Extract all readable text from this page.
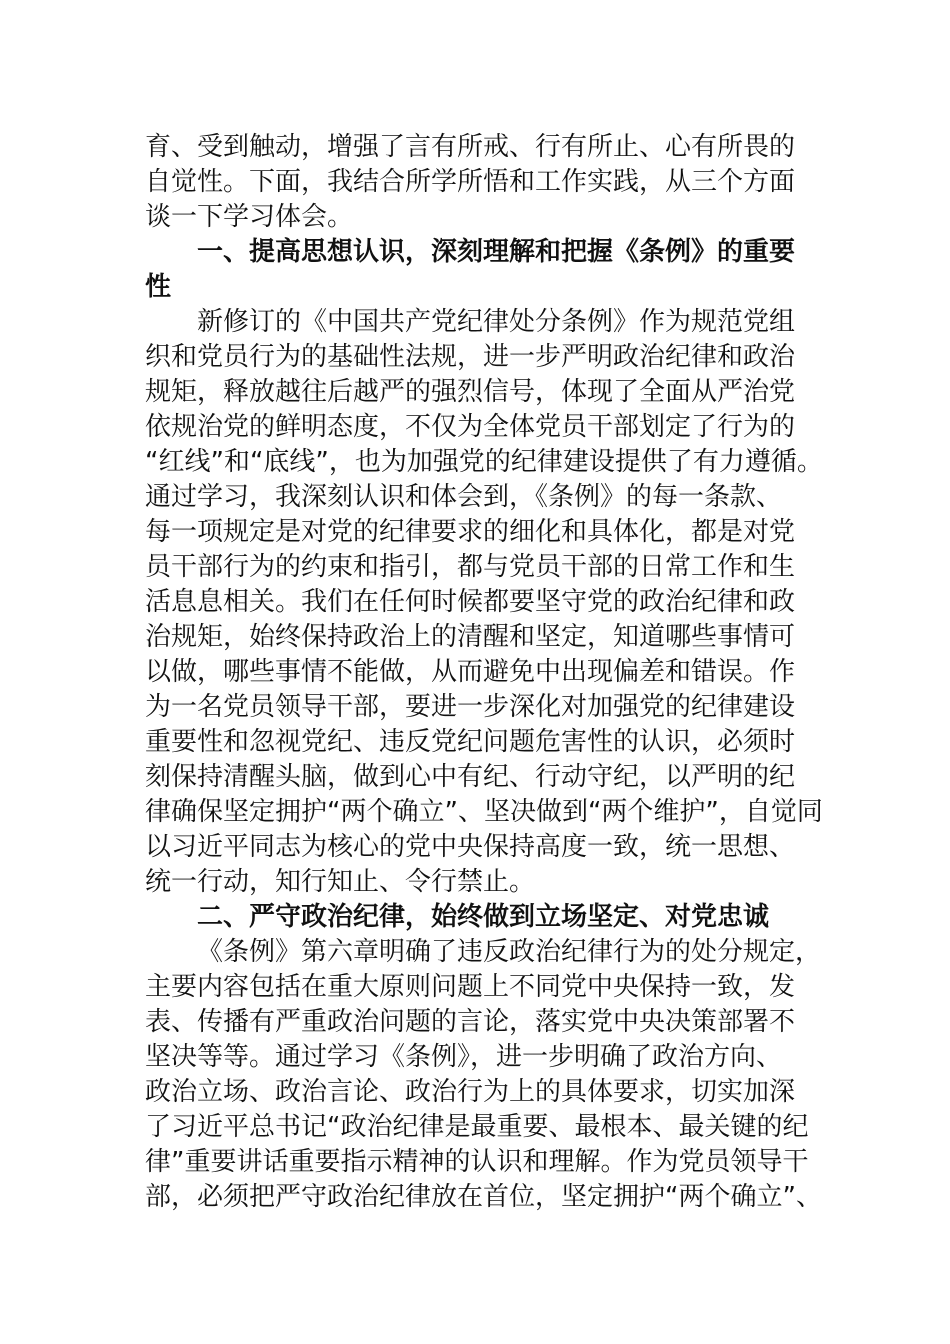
育、受到触动，增强了言有所戒、行有所止、心有所畏的
自觉性。下面，我结合所学所悟和工作实践，从三个方面
谈一下学习体会。
一、提高思想认识，深刻理解和把握《条例》的重要
性
新修订的《中国共产党纪律处分条例》作为规范党组
织和党员行为的基础性法规，进一步严明政治纪律和政治
规矩，释放越往后越严的强烈信号，体现了全面从严治党
依规治党的鲜明态度，不仅为全体党员干部划定了行为的
“红线”和“底线”，也为加强党的纪律建设提供了有力遵循。
通过学习，我深刻认识和体会到，《条例》的每一条款、
每一项规定是对党的纪律要求的细化和具体化，都是对党
员干部行为的约束和指引，都与党员干部的日常工作和生
活息息相关。我们在任何时候都要坚守党的政治纪律和政
治规矩，始终保持政治上的清醒和坚定，知道哪些事情可
以做，哪些事情不能做，从而避免中出现偏差和错误。作
为一名党员领导干部，要进一步深化对加强党的纪律建设
重要性和忽视党纪、违反党纪问题危害性的认识，必须时
刻保持清醒头脑，做到心中有纪、行动守纪，以严明的纪
律确保坚定拥护“两个确立”、坚决做到“两个维护”，自觉同
以习近平同志为核心的党中央保持高度一致，统一思想、
统一行动，知行知止、令行禁止。
二、严守政治纪律，始终做到立场坚定、对党忠诚
《条例》第六章明确了违反政治纪律行为的处分规定，
主要内容包括在重大原则问题上不同党中央保持一致，发
表、传播有严重政治问题的言论，落实党中央决策部署不
坚决等等。通过学习《条例》，进一步明确了政治方向、
政治立场、政治言论、政治行为上的具体要求，切实加深
了习近平总书记“政治纪律是最重要、最根本、最关键的纪
律”重要讲话重要指示精神的认识和理解。作为党员领导干
部，必须把严守政治纪律放在首位，坚定拥护“两个确立”、
